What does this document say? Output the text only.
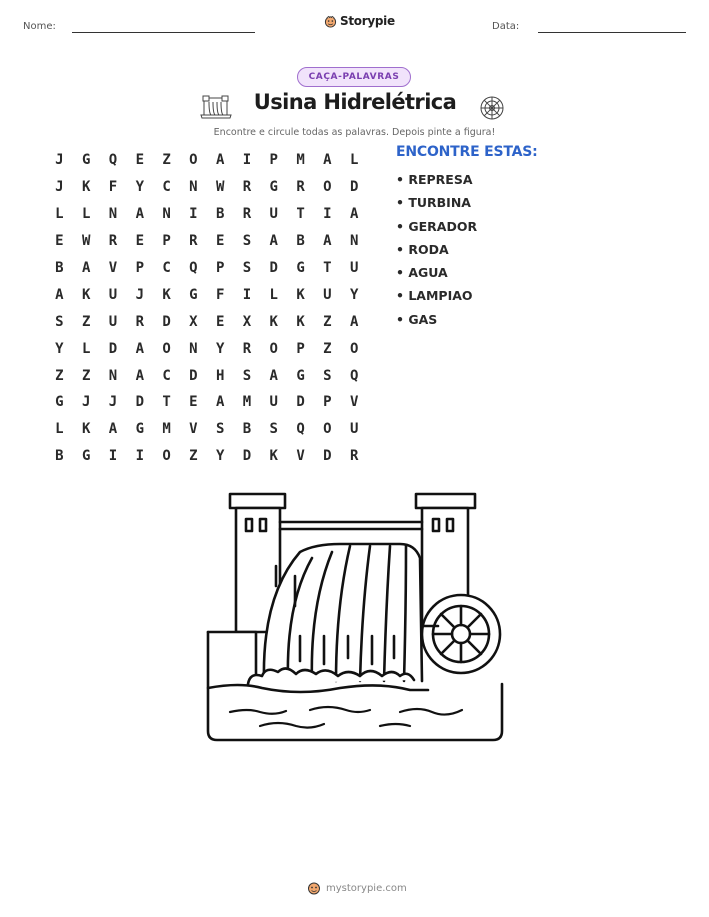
Nome:	Storypie	Data:
CAÇA-PALAVRAS
Usina Hidrelétrica
Encontre e circule todas as palavras. Depois pinte a figura!
J	G	Q	E	Z	O	A	I	P	M	A	L
J	K	F	Y	C	N	W	R	G	R	O	D
L	L	N	A	N	I	B	R	U	T	I	A
E	W	R	E	P	R	E	S	A	B	A	N
B	A	V	P	C	Q	P	S	D	G	T	U
A	K	U	J	K	G	F	I	L	K	U	Y
S	Z	U	R	D	X	E	X	K	K	Z	A
Y	L	D	A	O	N	Y	R	O	P	Z	O
Z	Z	N	A	C	D	H	S	A	G	S	Q
G	J	J	D	T	E	A	M	U	D	P	V
L	K	A	G	M	V	S	B	S	Q	O	U
B	G	I	I	O	Z	Y	D	K	V	D	R
ENCONTRE ESTAS:
• REPRESA
• TURBINA
• GERADOR
• RODA
• AGUA
• LAMPIAO
• GAS
mystorypie.com
